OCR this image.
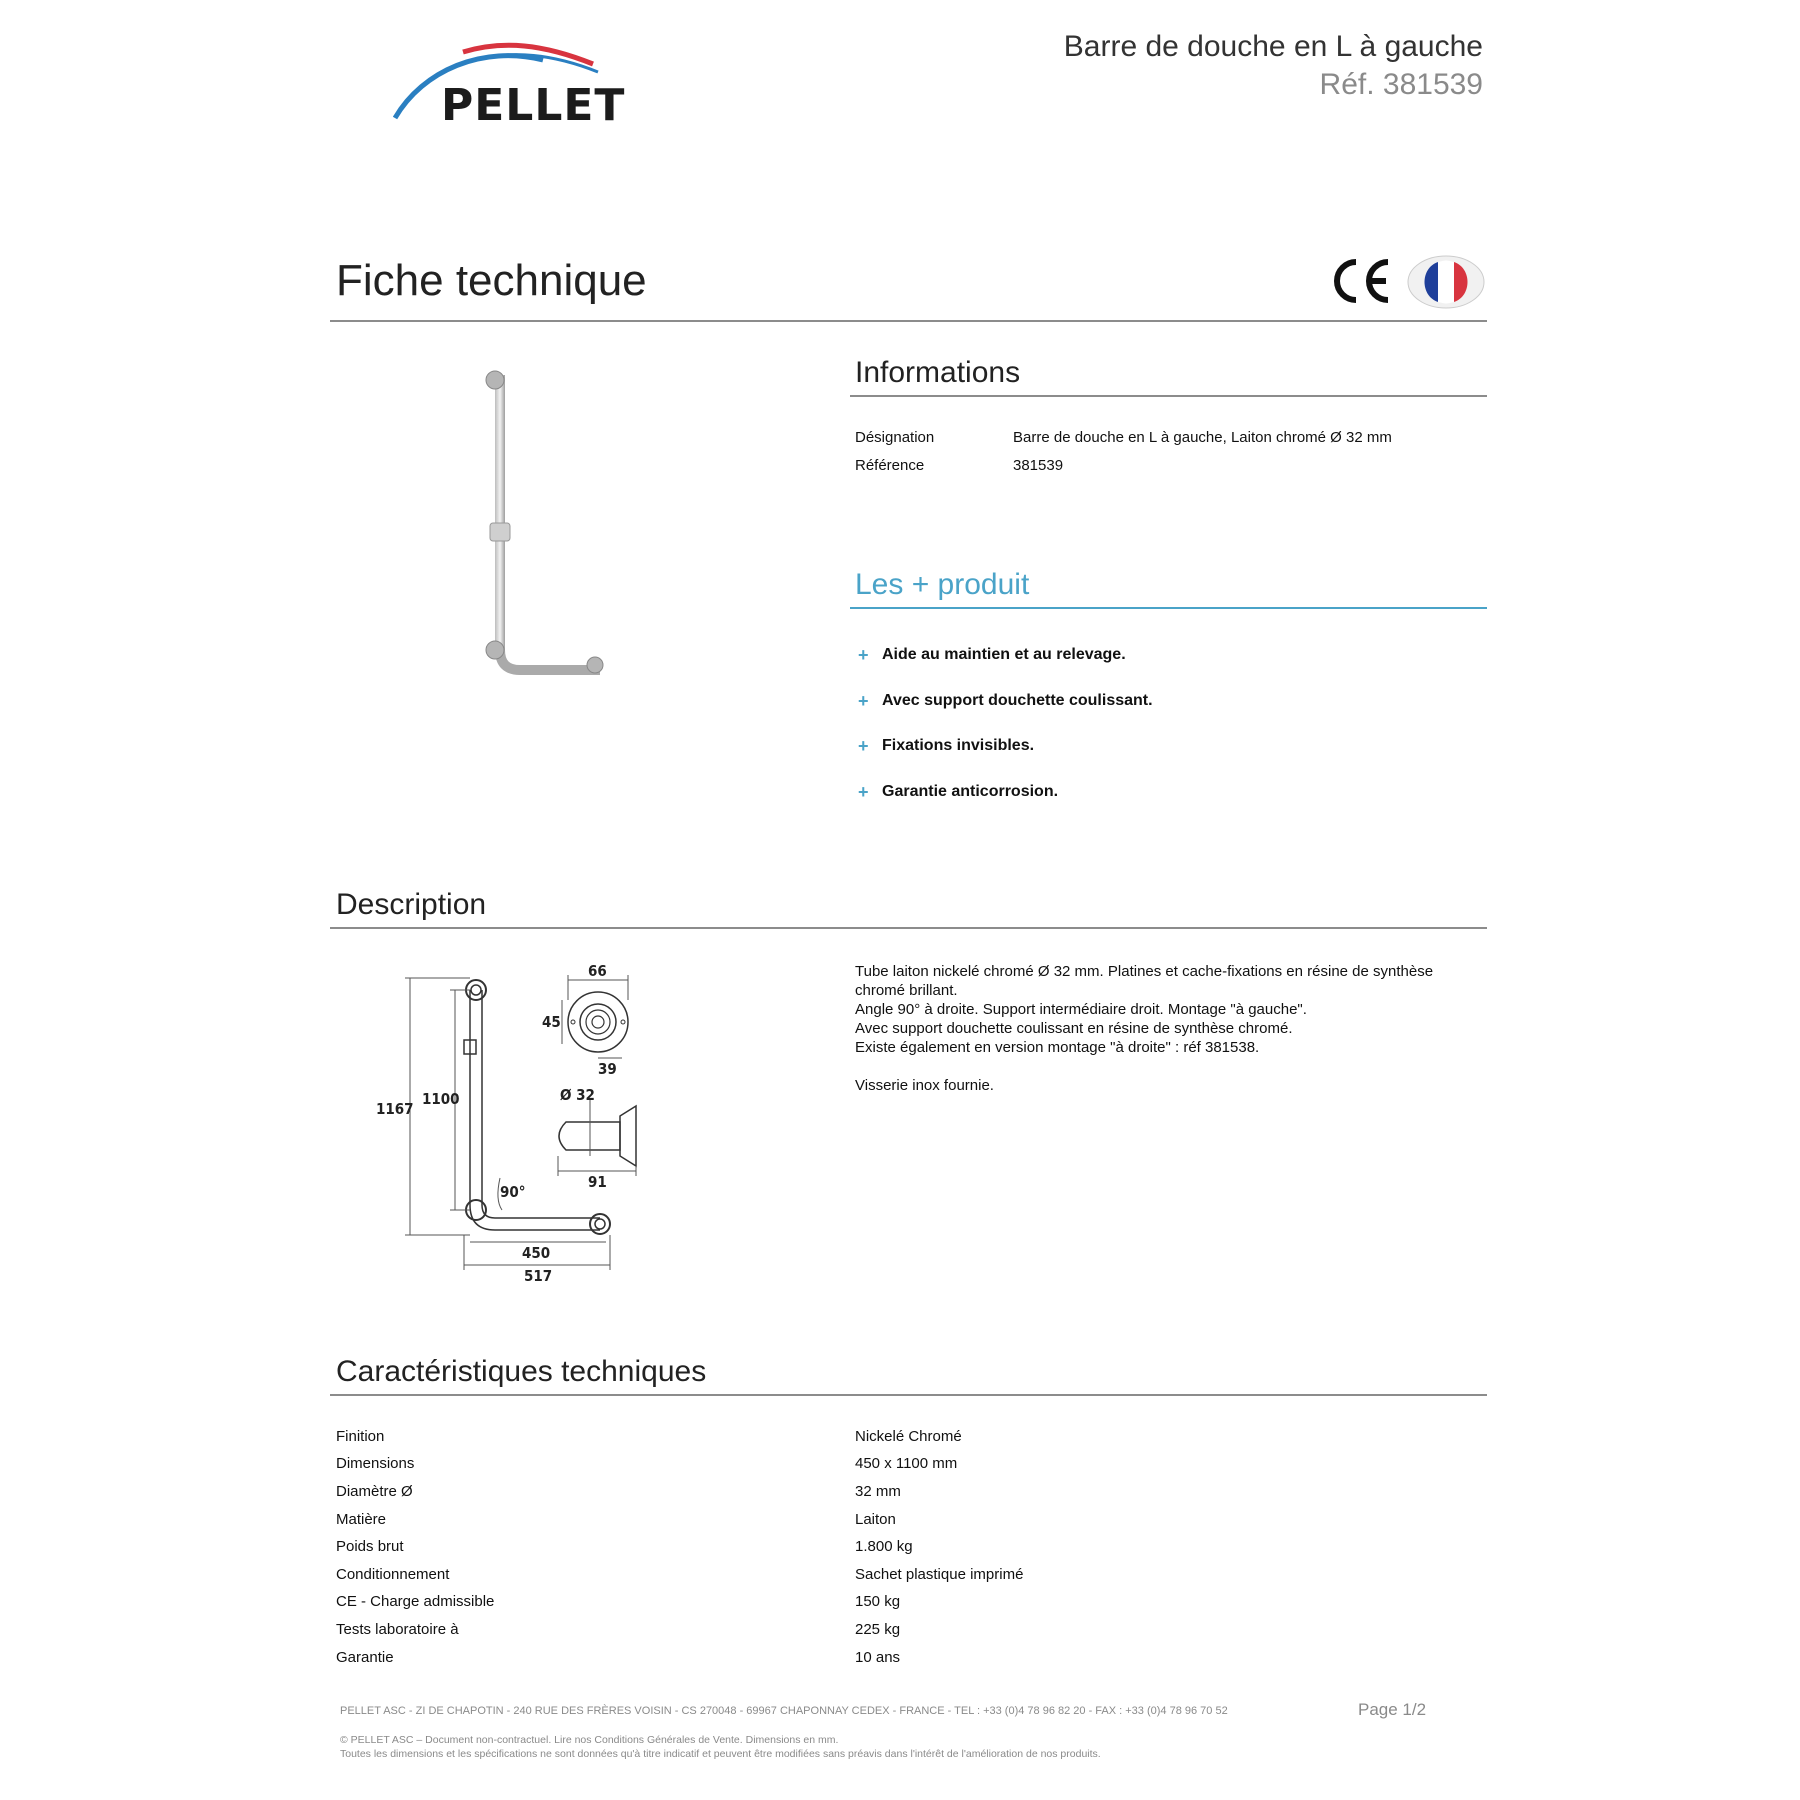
PELLET
Barre de douche en L à gauche
Réf. 381539
Fiche technique
Informations
Désignation	Barre de douche en L à gauche, Laiton chromé Ø 32 mm
Référence	381539
Les + produit
+ Aide au maintien et au relevage.
+ Avec support douchette coulissant.
+ Fixations invisibles.
+ Garantie anticorrosion.
Description
1167
1100
90°
450
517
66
45
39
Ø 32
91

Tube laiton nickelé chromé Ø 32 mm. Platines et cache-fixations en résine de synthèse chromé brillant.

Angle 90° à droite. Support intermédiaire droit. Montage "à gauche".

Avec support douchette coulissant en résine de synthèse chromé.

Existe également en version montage "à droite" : réf 381538.

Visserie inox fournie.

Caractéristiques techniques
Finition	Nickelé Chromé
Dimensions	450 x 1100 mm
Diamètre Ø	32 mm
Matière	Laiton
Poids brut	1.800 kg
Conditionnement	Sachet plastique imprimé
CE - Charge admissible	150 kg
Tests laboratoire à	225 kg
Garantie	10 ans
PELLET ASC - ZI DE CHAPOTIN - 240 RUE DES FRÈRES VOISIN - CS 270048 - 69967 CHAPONNAY CEDEX - FRANCE - TEL : +33 (0)4 78 96 82 20 - FAX : +33 (0)4 78 96 70 52	Page 1/2
© PELLET ASC – Document non-contractuel. Lire nos Conditions Générales de Vente. Dimensions en mm.
Toutes les dimensions et les spécifications ne sont données qu'à titre indicatif et peuvent être modifiées sans préavis dans l'intérêt de l'amélioration de nos produits.
